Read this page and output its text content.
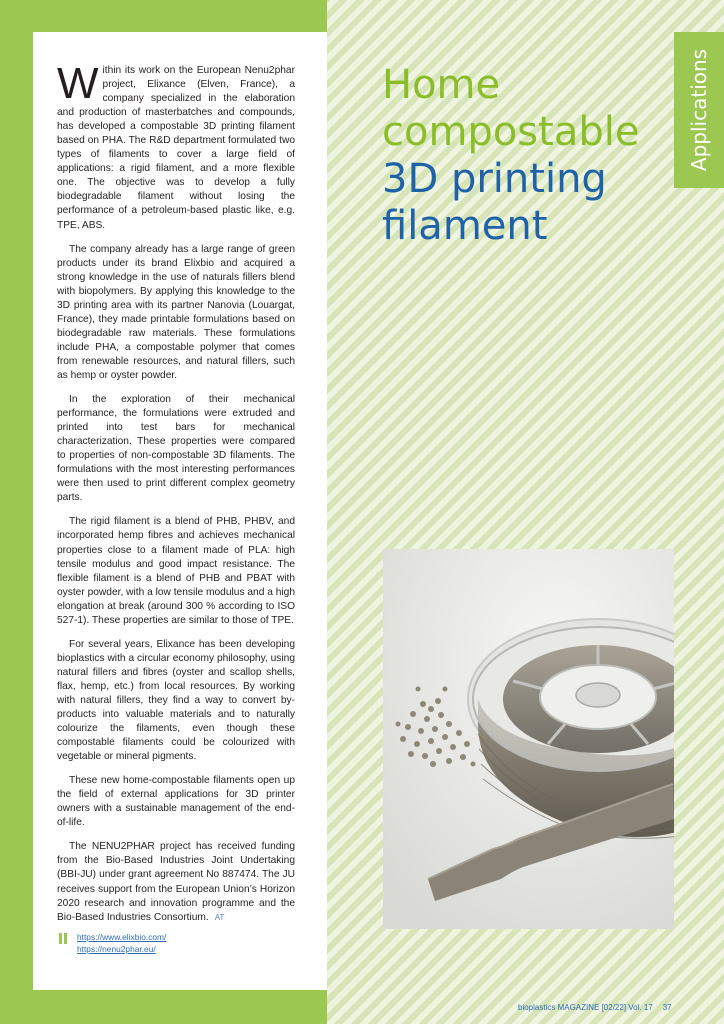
Applications
Home
compostable
3D printing
filament

Within its work on the European Nenu2phar project, Elixance (Elven, France), a company specialized in the elaboration and production of masterbatches and compounds, has developed a compostable 3D printing filament based on PHA. The R&D department formulated two types of filaments to cover a large field of applications: a rigid filament, and a more flexible one. The objective was to develop a fully biodegradable filament without losing the performance of a petroleum-based plastic like, e.g. TPE, ABS.

The company already has a large range of green products under its brand Elixbio and acquired a strong knowledge in the use of naturals fillers blend with biopolymers. By applying this knowledge to the 3D printing area with its partner Nanovia (Louargat, France), they made printable formulations based on biodegradable raw materials. These formulations include PHA, a compostable polymer that comes from renewable resources, and natural fillers, such as hemp or oyster powder.

In the exploration of their mechanical performance, the formulations were extruded and printed into test bars for mechanical characterization. These properties were compared to properties of non-compostable 3D filaments. The formulations with the most interesting performances were then used to print different complex geometry parts.

The rigid filament is a blend of PHB, PHBV, and incorporated hemp fibres and achieves mechanical properties close to a filament made of PLA: high tensile modulus and good impact resistance. The flexible filament is a blend of PHB and PBAT with oyster powder, with a low tensile modulus and a high elongation at break (around 300 % according to ISO 527-1). These properties are similar to those of TPE.

For several years, Elixance has been developing bioplastics with a circular economy philosophy, using natural fillers and fibres (oyster and scallop shells, flax, hemp, etc.) from local resources. By working with natural fillers, they find a way to convert by-products into valuable materials and to naturally colourize the filaments, even though these compostable filaments could be colourized with vegetable or mineral pigments.

These new home-compostable filaments open up the field of external applications for 3D printer owners with a sustainable management of the end-of-life.

The NENU2PHAR project has received funding from the Bio-Based Industries Joint Undertaking (BBI-JU) under grant agreement No 887474. The JU receives support from the European Union’s Horizon 2020 research and innovation programme and the Bio-Based Industries Consortium. AT

https://www.elixbio.com/
https://nenu2phar.eu/
bioplastics MAGAZINE [02/22] Vol. 17 37
